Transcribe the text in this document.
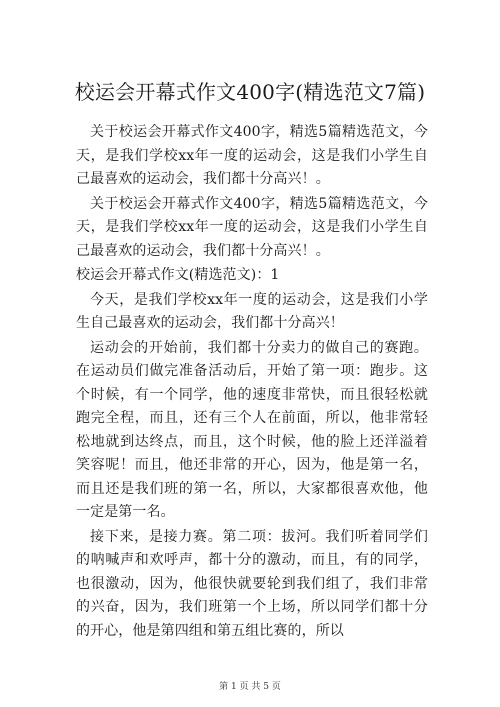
校运会开幕式作文400字(精选范文7篇)

关于校运会开幕式作文400字，精选5篇精选范文，今天，是我们学校xx年一度的运动会，这是我们小学生自己最喜欢的运动会，我们都十分高兴！。

关于校运会开幕式作文400字，精选5篇精选范文，今天，是我们学校xx年一度的运动会，这是我们小学生自己最喜欢的运动会，我们都十分高兴！。

校运会开幕式作文(精选范文)：1

今天，是我们学校xx年一度的运动会，这是我们小学生自己最喜欢的运动会，我们都十分高兴！

运动会的开始前，我们都十分卖力的做自己的赛跑。在运动员们做完准备活动后，开始了第一项：跑步。这个时候，有一个同学，他的速度非常快，而且很轻松就跑完全程，而且，还有三个人在前面，所以，他非常轻松地就到达终点，而且，这个时候，他的脸上还洋溢着笑容呢！而且，他还非常的开心，因为，他是第一名，而且还是我们班的第一名，所以，大家都很喜欢他，他一定是第一名。

接下来，是接力赛。第二项：拔河。我们听着同学们的呐喊声和欢呼声，都十分的激动，而且，有的同学，也很激动，因为，他很快就要轮到我们组了，我们非常的兴奋，因为，我们班第一个上场，所以同学们都十分的开心，他是第四组和第五组比赛的，所以

第 1 页 共 5 页
